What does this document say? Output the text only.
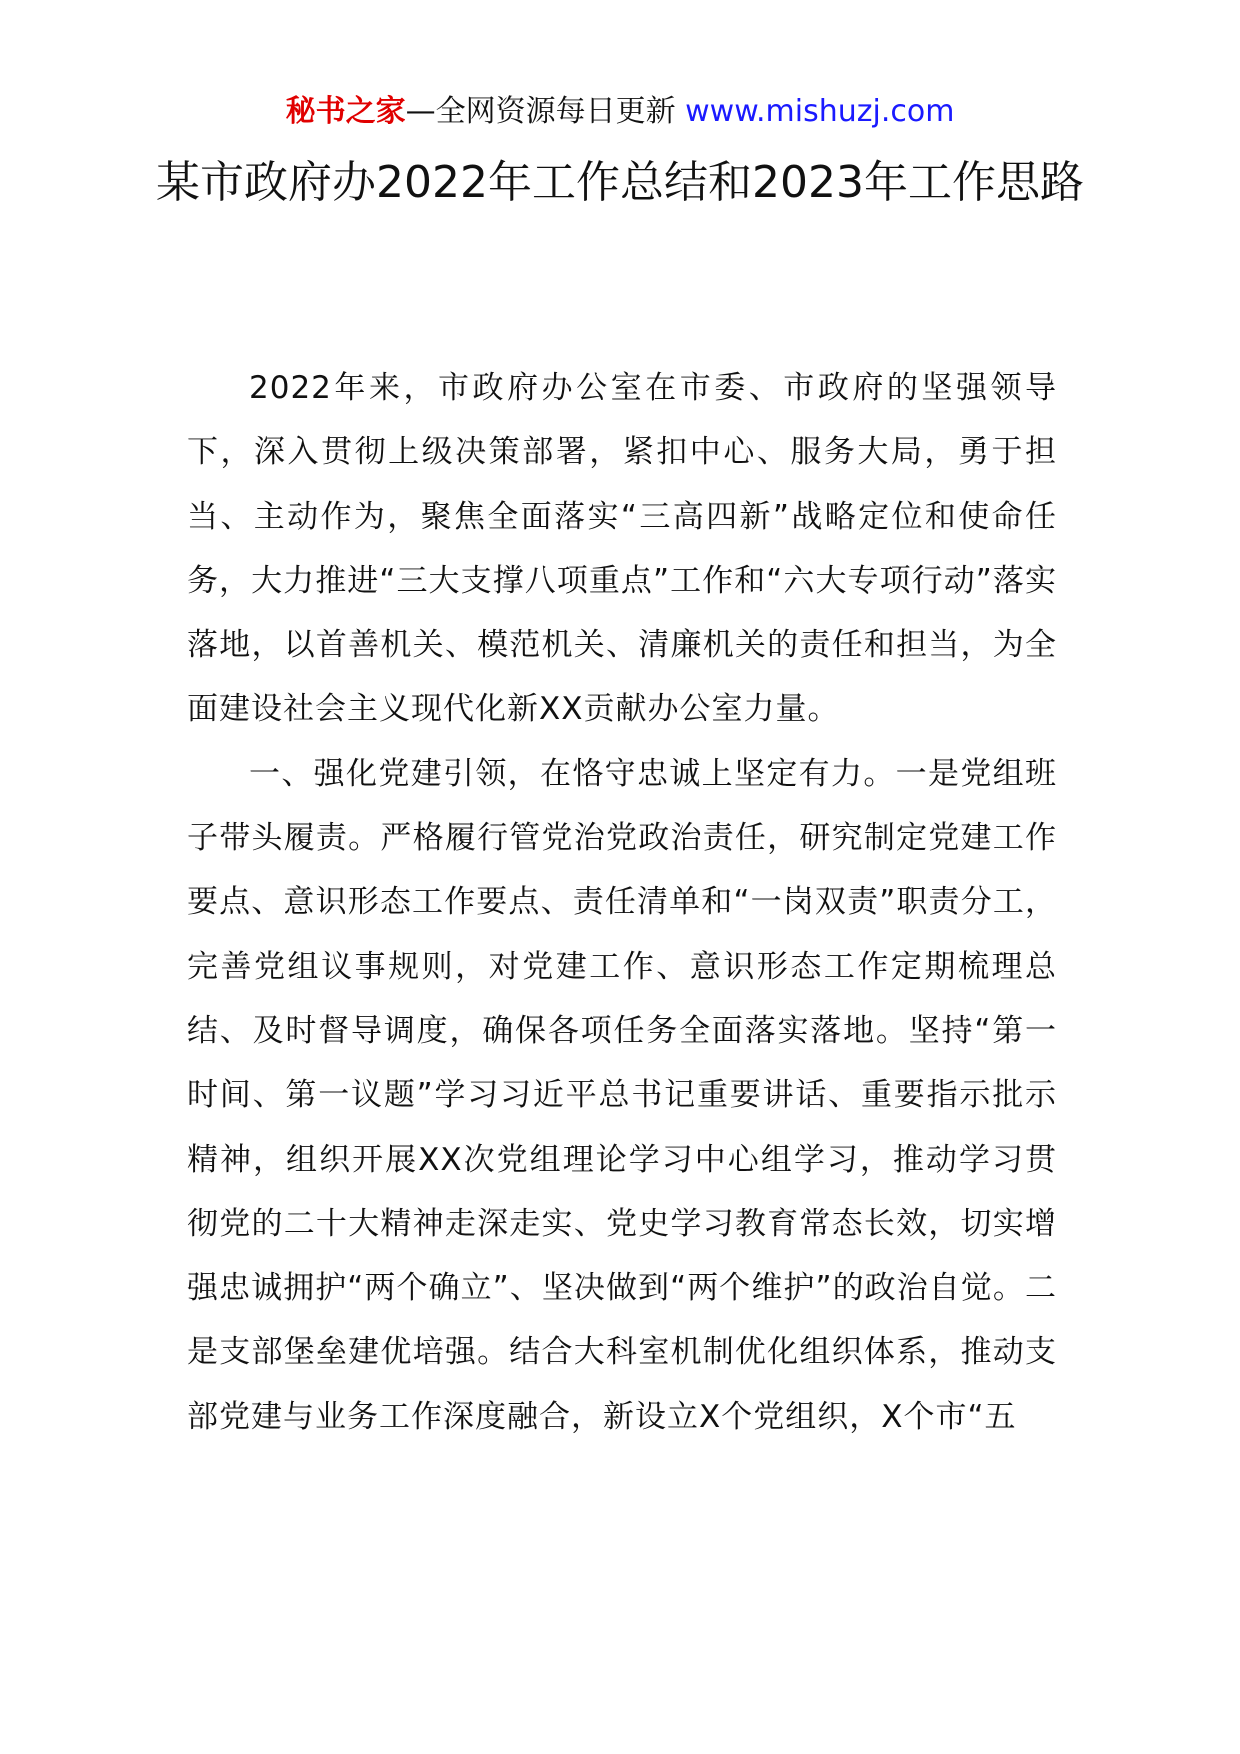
秘书之家—全网资源每日更新 www.mishuzj.com
某市政府办2022年工作总结和2023年工作思路

2022年来，市政府办公室在市委、市政府的坚强领导下，深入贯彻上级决策部署，紧扣中心、服务大局，勇于担当、主动作为，聚焦全面落实“三高四新”战略定位和使命任务，大力推进“三大支撑八项重点”工作和“六大专项行动”落实落地，以首善机关、模范机关、清廉机关的责任和担当，为全面建设社会主义现代化新XX贡献办公室力量。

一、强化党建引领，在恪守忠诚上坚定有力。一是党组班子带头履责。严格履行管党治党政治责任，研究制定党建工作要点、意识形态工作要点、责任清单和“一岗双责”职责分工，完善党组议事规则，对党建工作、意识形态工作定期梳理总结、及时督导调度，确保各项任务全面落实落地。坚持“第一时间、第一议题”学习习近平总书记重要讲话、重要指示批示精神，组织开展XX次党组理论学习中心组学习，推动学习贯彻党的二十大精神走深走实、党史学习教育常态长效，切实增强忠诚拥护“两个确立”、坚决做到“两个维护”的政治自觉。二是支部堡垒建优培强。结合大科室机制优化组织体系，推动支部党建与业务工作深度融合，新设立X个党组织，X个市“五
